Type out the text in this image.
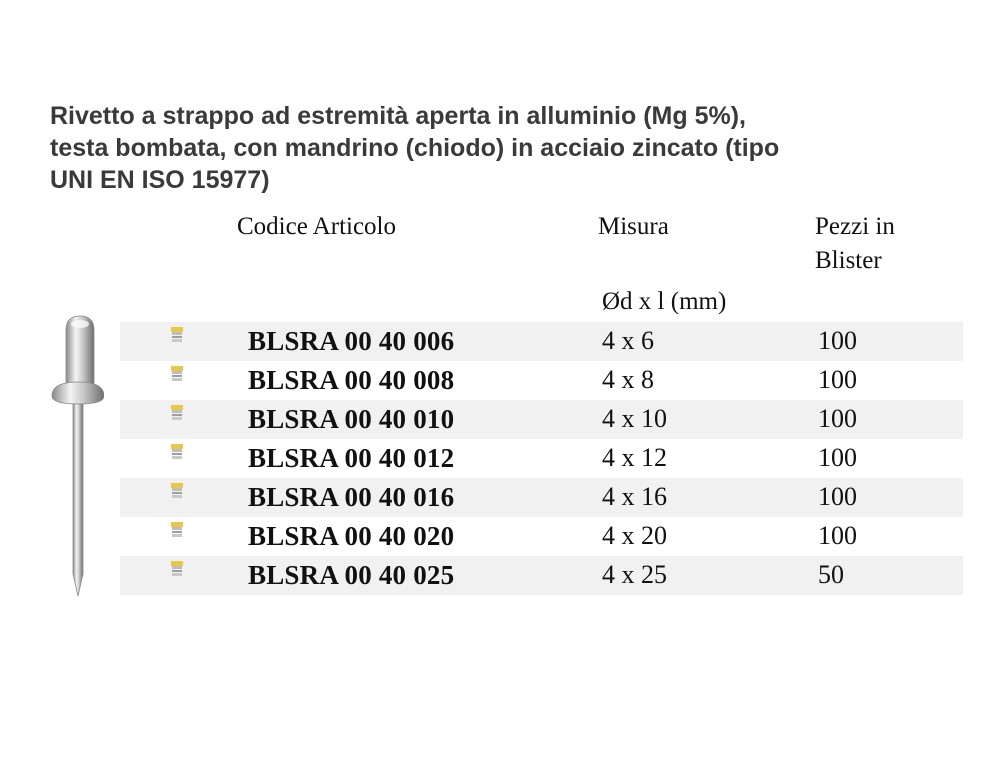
Rivetto a strappo ad estremità aperta in alluminio (Mg 5%),
testa bombata, con mandrino (chiodo) in acciaio zincato (tipo
UNI EN ISO 15977)
Codice Articolo	Misura	Pezzi in Blister
Ød x l (mm)
BLSRA 00 40 006	4 x 6	100
BLSRA 00 40 008	4 x 8	100
BLSRA 00 40 010	4 x 10	100
BLSRA 00 40 012	4 x 12	100
BLSRA 00 40 016	4 x 16	100
BLSRA 00 40 020	4 x 20	100
BLSRA 00 40 025	4 x 25	50
